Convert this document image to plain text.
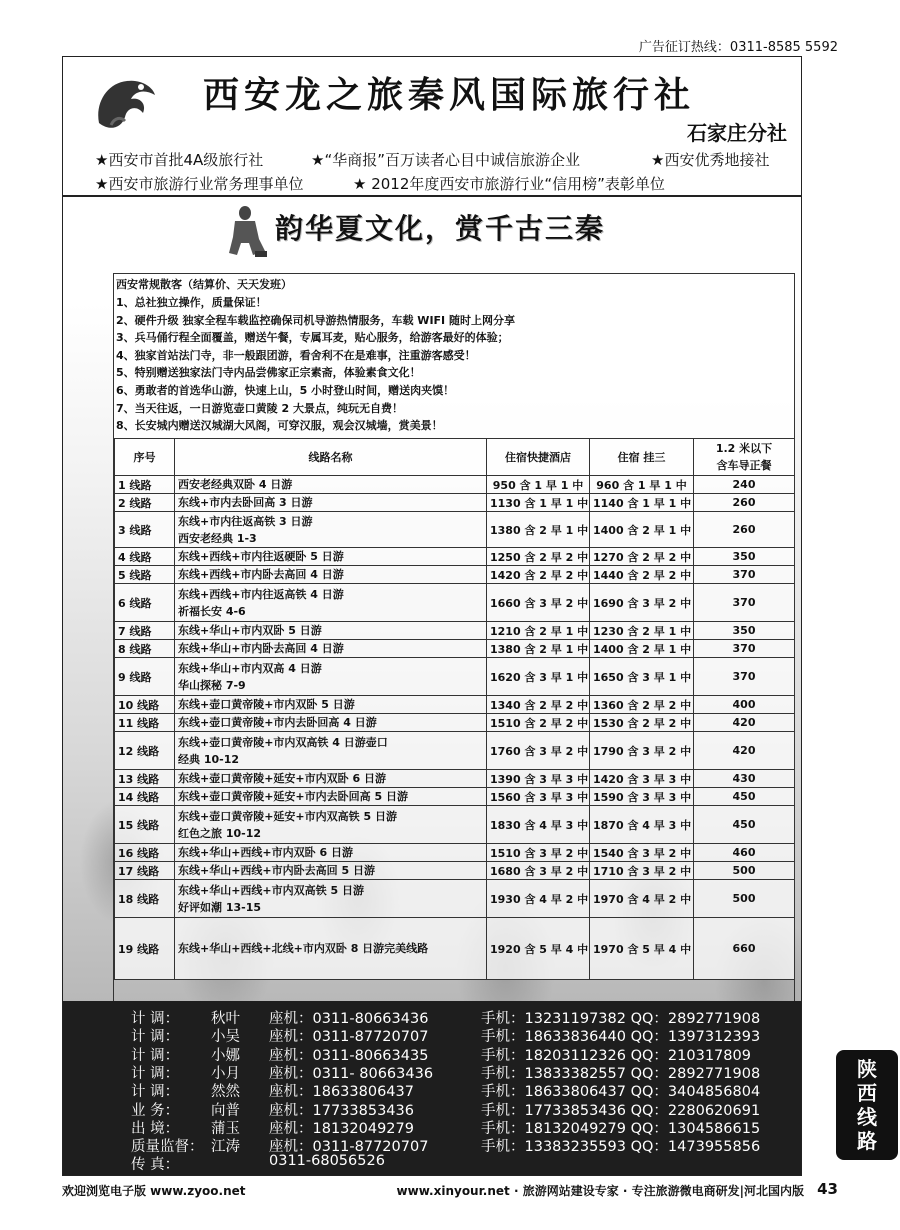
广告征订热线：0311-8585 5592
西安龙之旅秦风国际旅行社
石家庄分社
★西安市首批4A级旅行社	★“华商报”百万读者心目中诚信旅游企业	★西安优秀地接社
★西安市旅游行业常务理事单位	★ 2012年度西安市旅游行业“信用榜”表彰单位
韵华夏文化，赏千古三秦
西安常规散客（结算价、天天发班）
1、总社独立操作，质量保证！
2、硬件升级 独家全程车载监控确保司机导游热情服务，车载 WIFI 随时上网分享
3、兵马俑行程全面覆盖，赠送午餐，专属耳麦，贴心服务，给游客最好的体验；
4、独家首站法门寺，非一般跟团游，看舍利不在是难事，注重游客感受！
5、特别赠送独家法门寺内品尝佛家正宗素斋，体验素食文化！
6、勇敢者的首选华山游，快速上山，5 小时登山时间，赠送肉夹馍！
7、当天往返，一日游览壶口黄陵 2 大景点，纯玩无自费！
8、长安城内赠送汉城湖大风阁，可穿汉服，观会汉城墙，赏美景！
序号	线路名称	住宿快捷酒店	住宿 挂三	1.2 米以下
含车导正餐

1 线路	西安老经典双卧 4 日游	950 含 1 早 1 中	960 含 1 早 1 中	240
2 线路	东线+市内去卧回高 3 日游	1130 含 1 早 1 中	1140 含 1 早 1 中	260
3 线路	东线+市内往返高铁 3 日游
西安老经典 1-3	1380 含 2 早 1 中	1400 含 2 早 1 中	260
4 线路	东线+西线+市内往返硬卧 5 日游	1250 含 2 早 2 中	1270 含 2 早 2 中	350
5 线路	东线+西线+市内卧去高回 4 日游	1420 含 2 早 2 中	1440 含 2 早 2 中	370
6 线路	东线+西线+市内往返高铁 4 日游
祈福长安 4-6	1660 含 3 早 2 中	1690 含 3 早 2 中	370
7 线路	东线+华山+市内双卧 5 日游	1210 含 2 早 1 中	1230 含 2 早 1 中	350
8 线路	东线+华山+市内卧去高回 4 日游	1380 含 2 早 1 中	1400 含 2 早 1 中	370
9 线路	东线+华山+市内双高 4 日游
华山探秘 7-9	1620 含 3 早 1 中	1650 含 3 早 1 中	370
10 线路	东线+壶口黄帝陵+市内双卧 5 日游	1340 含 2 早 2 中	1360 含 2 早 2 中	400
11 线路	东线+壶口黄帝陵+市内去卧回高 4 日游	1510 含 2 早 2 中	1530 含 2 早 2 中	420
12 线路	东线+壶口黄帝陵+市内双高铁 4 日游壶口
经典 10-12	1760 含 3 早 2 中	1790 含 3 早 2 中	420
13 线路	东线+壶口黄帝陵+延安+市内双卧 6 日游	1390 含 3 早 3 中	1420 含 3 早 3 中	430
14 线路	东线+壶口黄帝陵+延安+市内去卧回高 5 日游	1560 含 3 早 3 中	1590 含 3 早 3 中	450
15 线路	东线+壶口黄帝陵+延安+市内双高铁 5 日游
红色之旅 10-12	1830 含 4 早 3 中	1870 含 4 早 3 中	450
16 线路	东线+华山+西线+市内双卧 6 日游	1510 含 3 早 2 中	1540 含 3 早 2 中	460
17 线路	东线+华山+西线+市内卧去高回 5 日游	1680 含 3 早 2 中	1710 含 3 早 2 中	500
18 线路	东线+华山+西线+市内双高铁 5 日游
好评如潮 13-15	1930 含 4 早 2 中	1970 含 4 早 2 中	500
19 线路	东线+华山+西线+北线+市内双卧 8 日游完美线路	1920 含 5 早 4 中	1970 含 5 早 4 中	660
计 调：	秋叶 座机：0311-80663436	手机：13231197382 QQ：2892771908
计 调：	小吴 座机：0311-87720707	手机：18633836440 QQ：1397312393
计 调：	小娜 座机：0311-80663435	手机：18203112326 QQ：210317809
计 调：	小月 座机：0311- 80663436	手机：13833382557 QQ：2892771908
计 调：	然然 座机：18633806437	手机：18633806437 QQ：3404856804
业 务：	向普 座机：17733853436	手机：17733853436 QQ：2280620691
出 境：	蒲玉 座机：18132049279	手机：18132049279 QQ：1304586615
质量监督： 江涛 座机：0311-87720707	手机：13383235593 QQ：1473955856
传 真：	0311-68056526
陕
西
线
路
欢迎浏览电子版 www.zyoo.net	www.xinyour.net · 旅游网站建设专家 · 专注旅游微电商研发|河北国内版 43
